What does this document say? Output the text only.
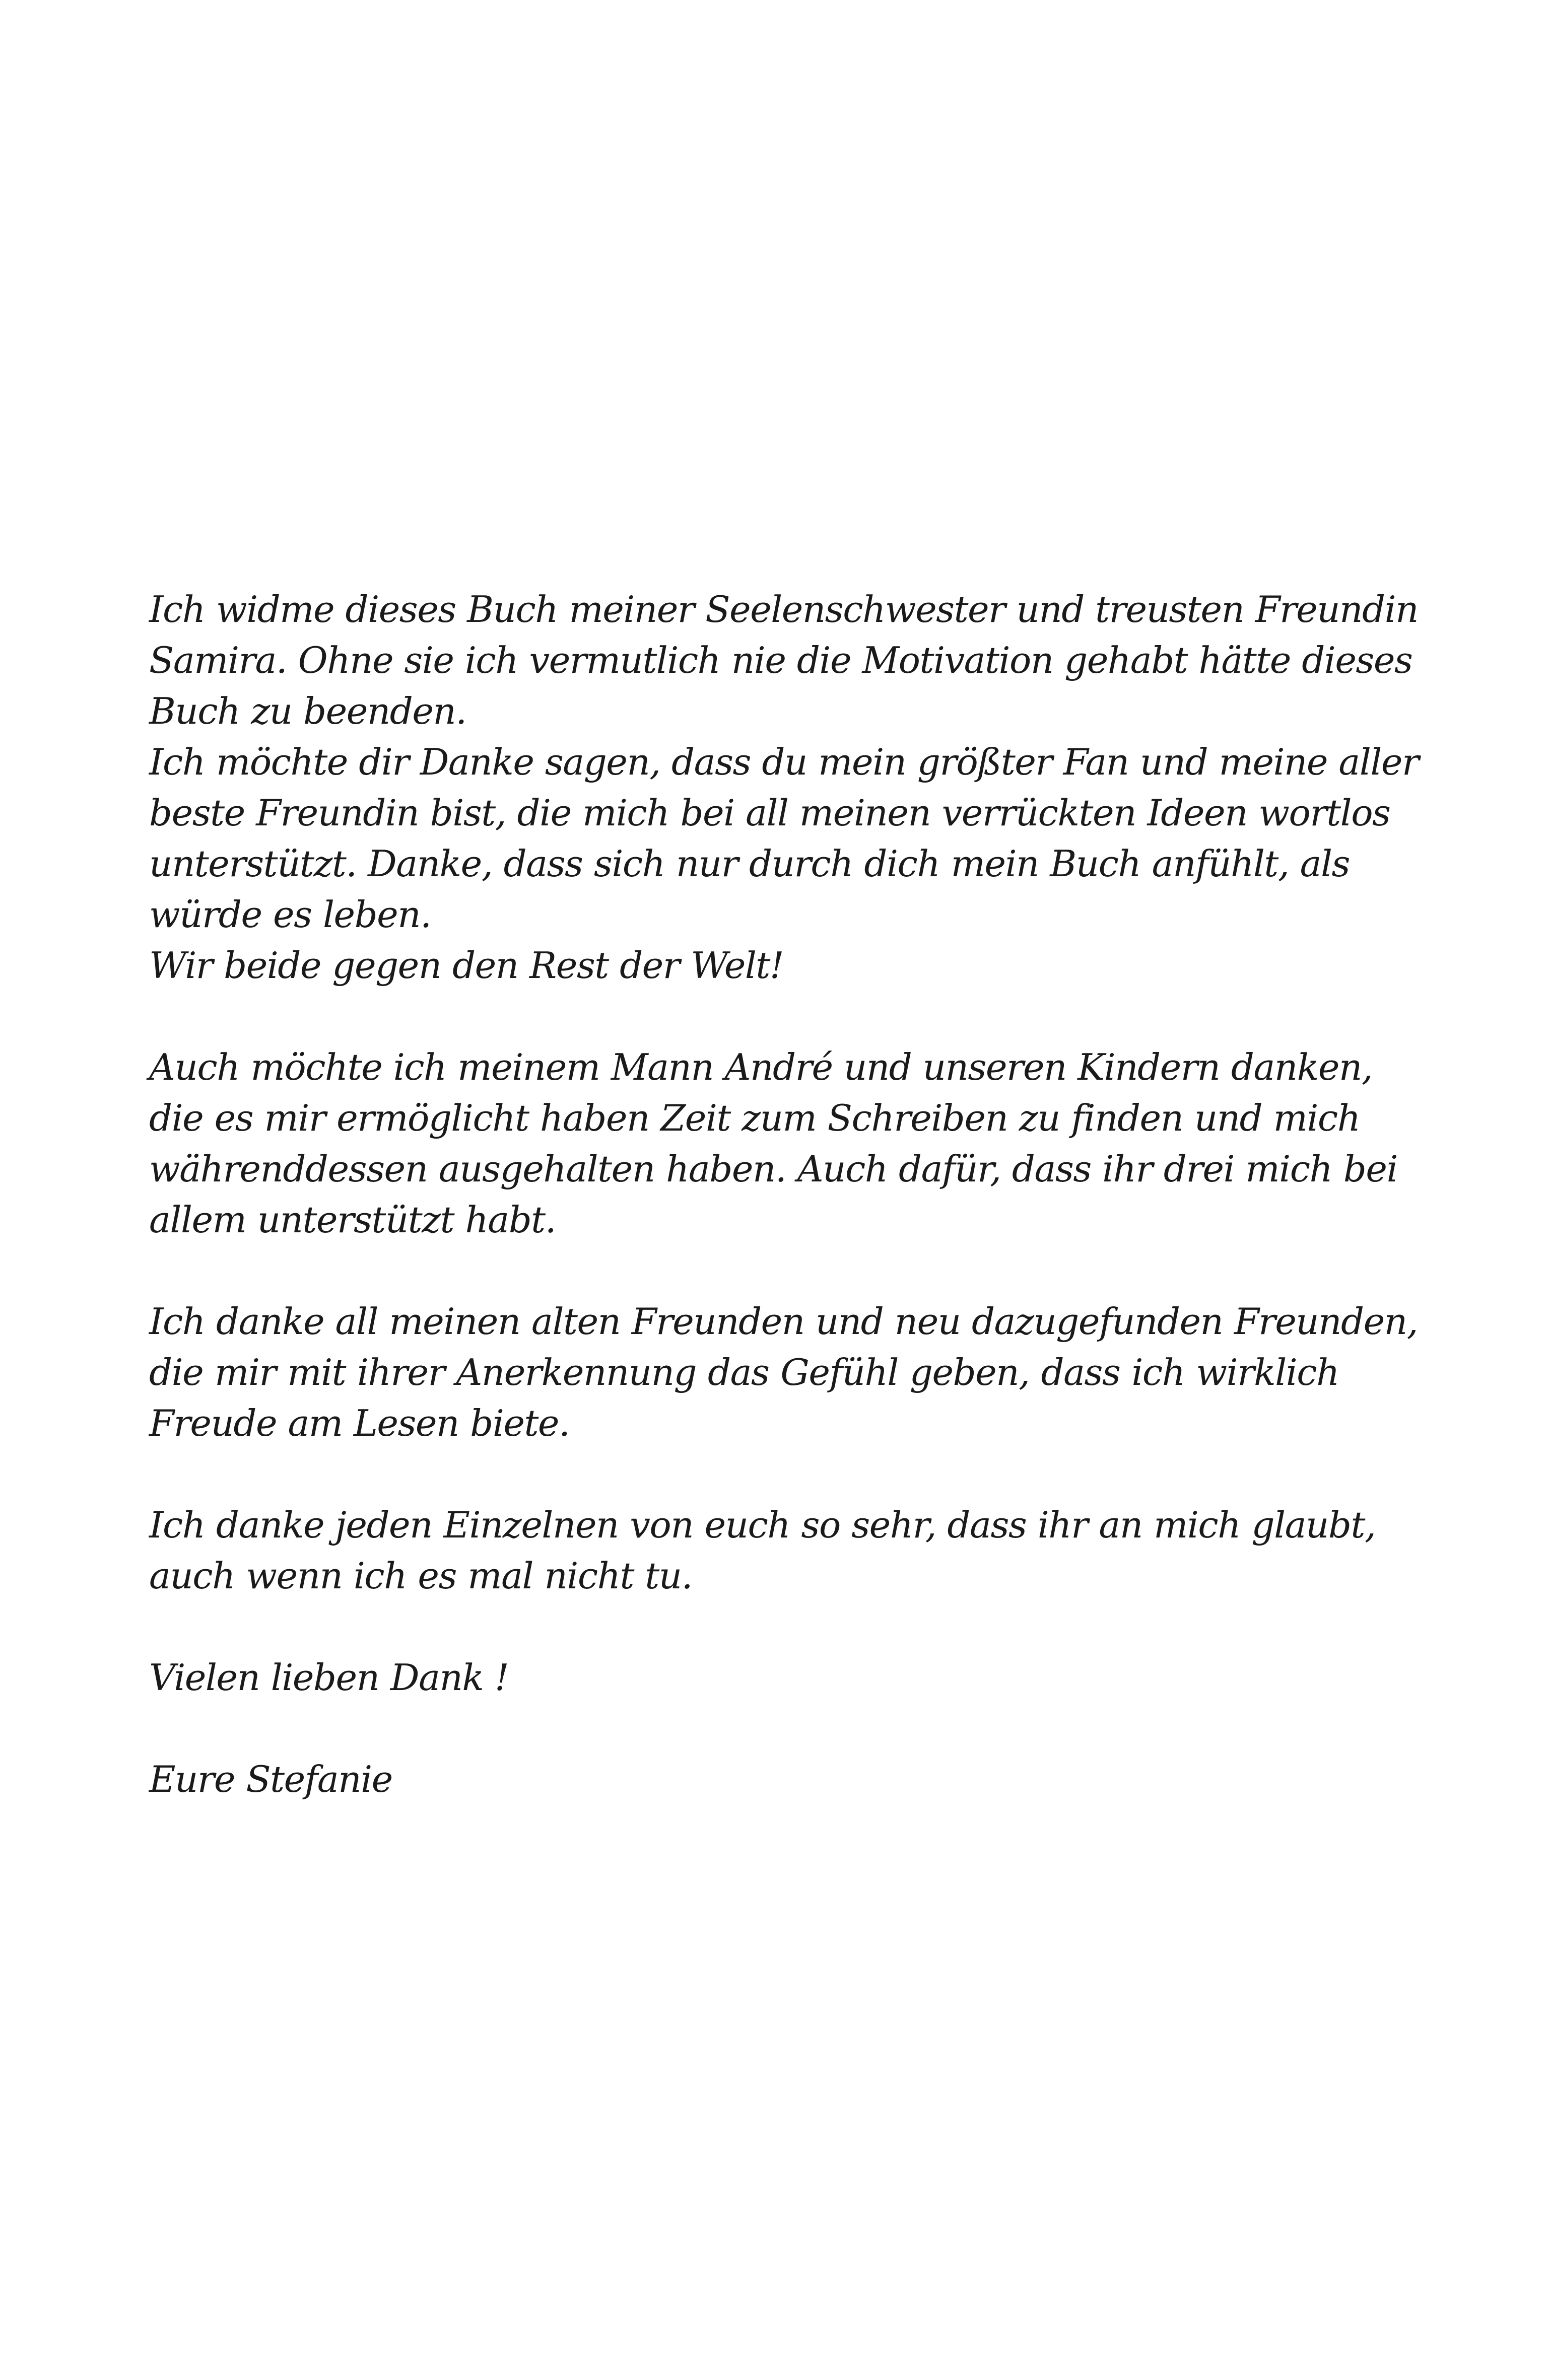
Ich widme dieses Buch meiner Seelenschwester und treusten Freundin
Samira. Ohne sie ich vermutlich nie die Motivation gehabt hätte dieses
Buch zu beenden.
Ich möchte dir Danke sagen, dass du mein größter Fan und meine aller
beste Freundin bist, die mich bei all meinen verrückten Ideen wortlos
unterstützt. Danke, dass sich nur durch dich mein Buch anfühlt, als
würde es leben.
Wir beide gegen den Rest der Welt!
Auch möchte ich meinem Mann André und unseren Kindern danken,
die es mir ermöglicht haben Zeit zum Schreiben zu finden und mich
währenddessen ausgehalten haben. Auch dafür, dass ihr drei mich bei
allem unterstützt habt.
Ich danke all meinen alten Freunden und neu dazugefunden Freunden,
die mir mit ihrer Anerkennung das Gefühl geben, dass ich wirklich
Freude am Lesen biete.
Ich danke jeden Einzelnen von euch so sehr, dass ihr an mich glaubt,
auch wenn ich es mal nicht tu.
Vielen lieben Dank !
Eure Stefanie
